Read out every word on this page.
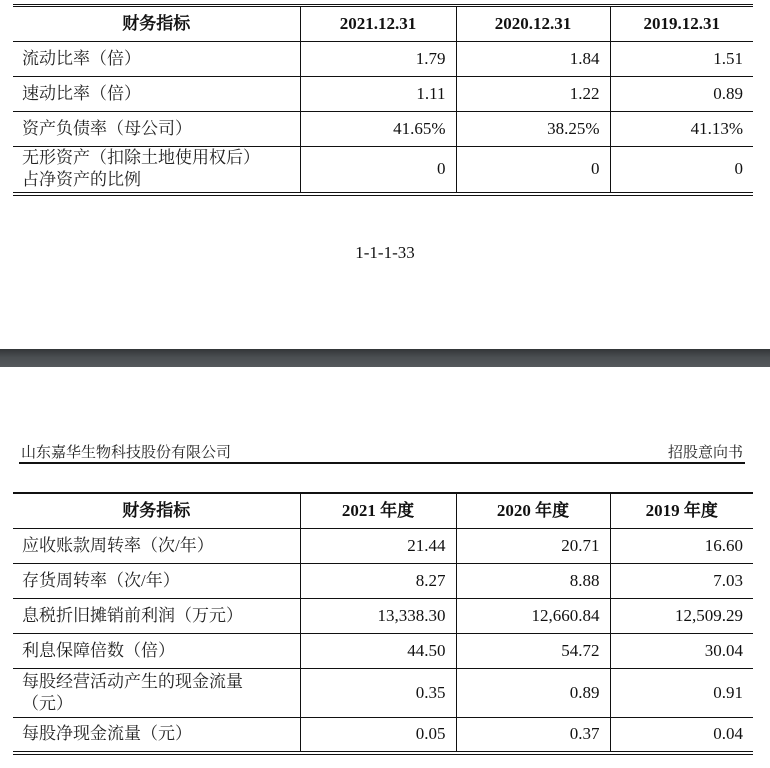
财务指标	2021.12.31	2020.12.31	2019.12.31
流动比率（倍）	1.79	1.84	1.51
速动比率（倍）	1.11	1.22	0.89
资产负债率（母公司）	41.65%	38.25%	41.13%

无形资产（扣除土地使用权后）
占净资产的比例	0	0	0
1-1-1-33
山东嘉华生物科技股份有限公司	招股意向书
财务指标	2021 年度	2020 年度	2019 年度
应收账款周转率（次/年）	21.44	20.71	16.60
存货周转率（次/年）	8.27	8.88	7.03
息税折旧摊销前利润（万元）	13,338.30	12,660.84	12,509.29
利息保障倍数（倍）	44.50	54.72	30.04

每股经营活动产生的现金流量
（元）	0.35	0.89	0.91
每股净现金流量（元）	0.05	0.37	0.04
